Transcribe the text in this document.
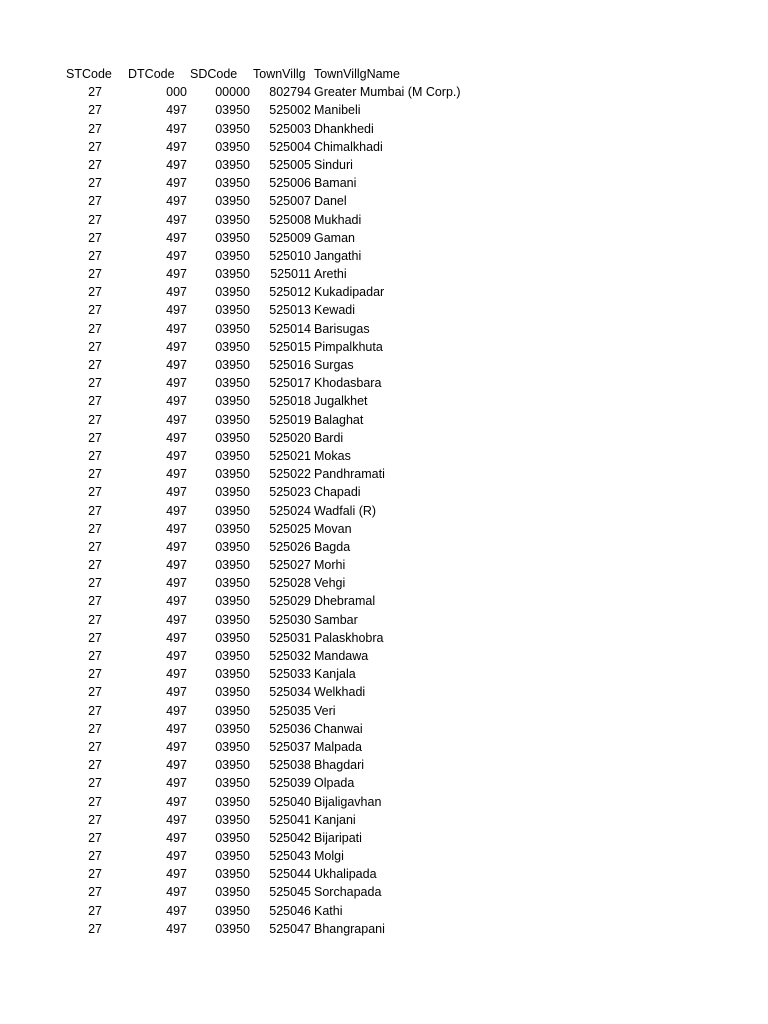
STCode DTCode SDCode TownVillg TownVillgName
27	000 00000 802794 Greater Mumbai (M Corp.)
27	497 03950 525002 Manibeli
27	497 03950 525003 Dhankhedi
27	497 03950 525004 Chimalkhadi
27	497 03950 525005 Sinduri
27	497 03950 525006 Bamani
27	497 03950 525007 Danel
27	497 03950 525008 Mukhadi
27	497 03950 525009 Gaman
27	497 03950 525010 Jangathi
27	497 03950 525011 Arethi
27	497 03950 525012 Kukadipadar
27	497 03950 525013 Kewadi
27	497 03950 525014 Barisugas
27	497 03950 525015 Pimpalkhuta
27	497 03950 525016 Surgas
27	497 03950 525017 Khodasbara
27	497 03950 525018 Jugalkhet
27	497 03950 525019 Balaghat
27	497 03950 525020 Bardi
27	497 03950 525021 Mokas
27	497 03950 525022 Pandhramati
27	497 03950 525023 Chapadi
27	497 03950 525024 Wadfali (R)
27	497 03950 525025 Movan
27	497 03950 525026 Bagda
27	497 03950 525027 Morhi
27	497 03950 525028 Vehgi
27	497 03950 525029 Dhebramal
27	497 03950 525030 Sambar
27	497 03950 525031 Palaskhobra
27	497 03950 525032 Mandawa
27	497 03950 525033 Kanjala
27	497 03950 525034 Welkhadi
27	497 03950 525035 Veri
27	497 03950 525036 Chanwai
27	497 03950 525037 Malpada
27	497 03950 525038 Bhagdari
27	497 03950 525039 Olpada
27	497 03950 525040 Bijaligavhan
27	497 03950 525041 Kanjani
27	497 03950 525042 Bijaripati
27	497 03950 525043 Molgi
27	497 03950 525044 Ukhalipada
27	497 03950 525045 Sorchapada
27	497 03950 525046 Kathi
27	497 03950 525047 Bhangrapani
